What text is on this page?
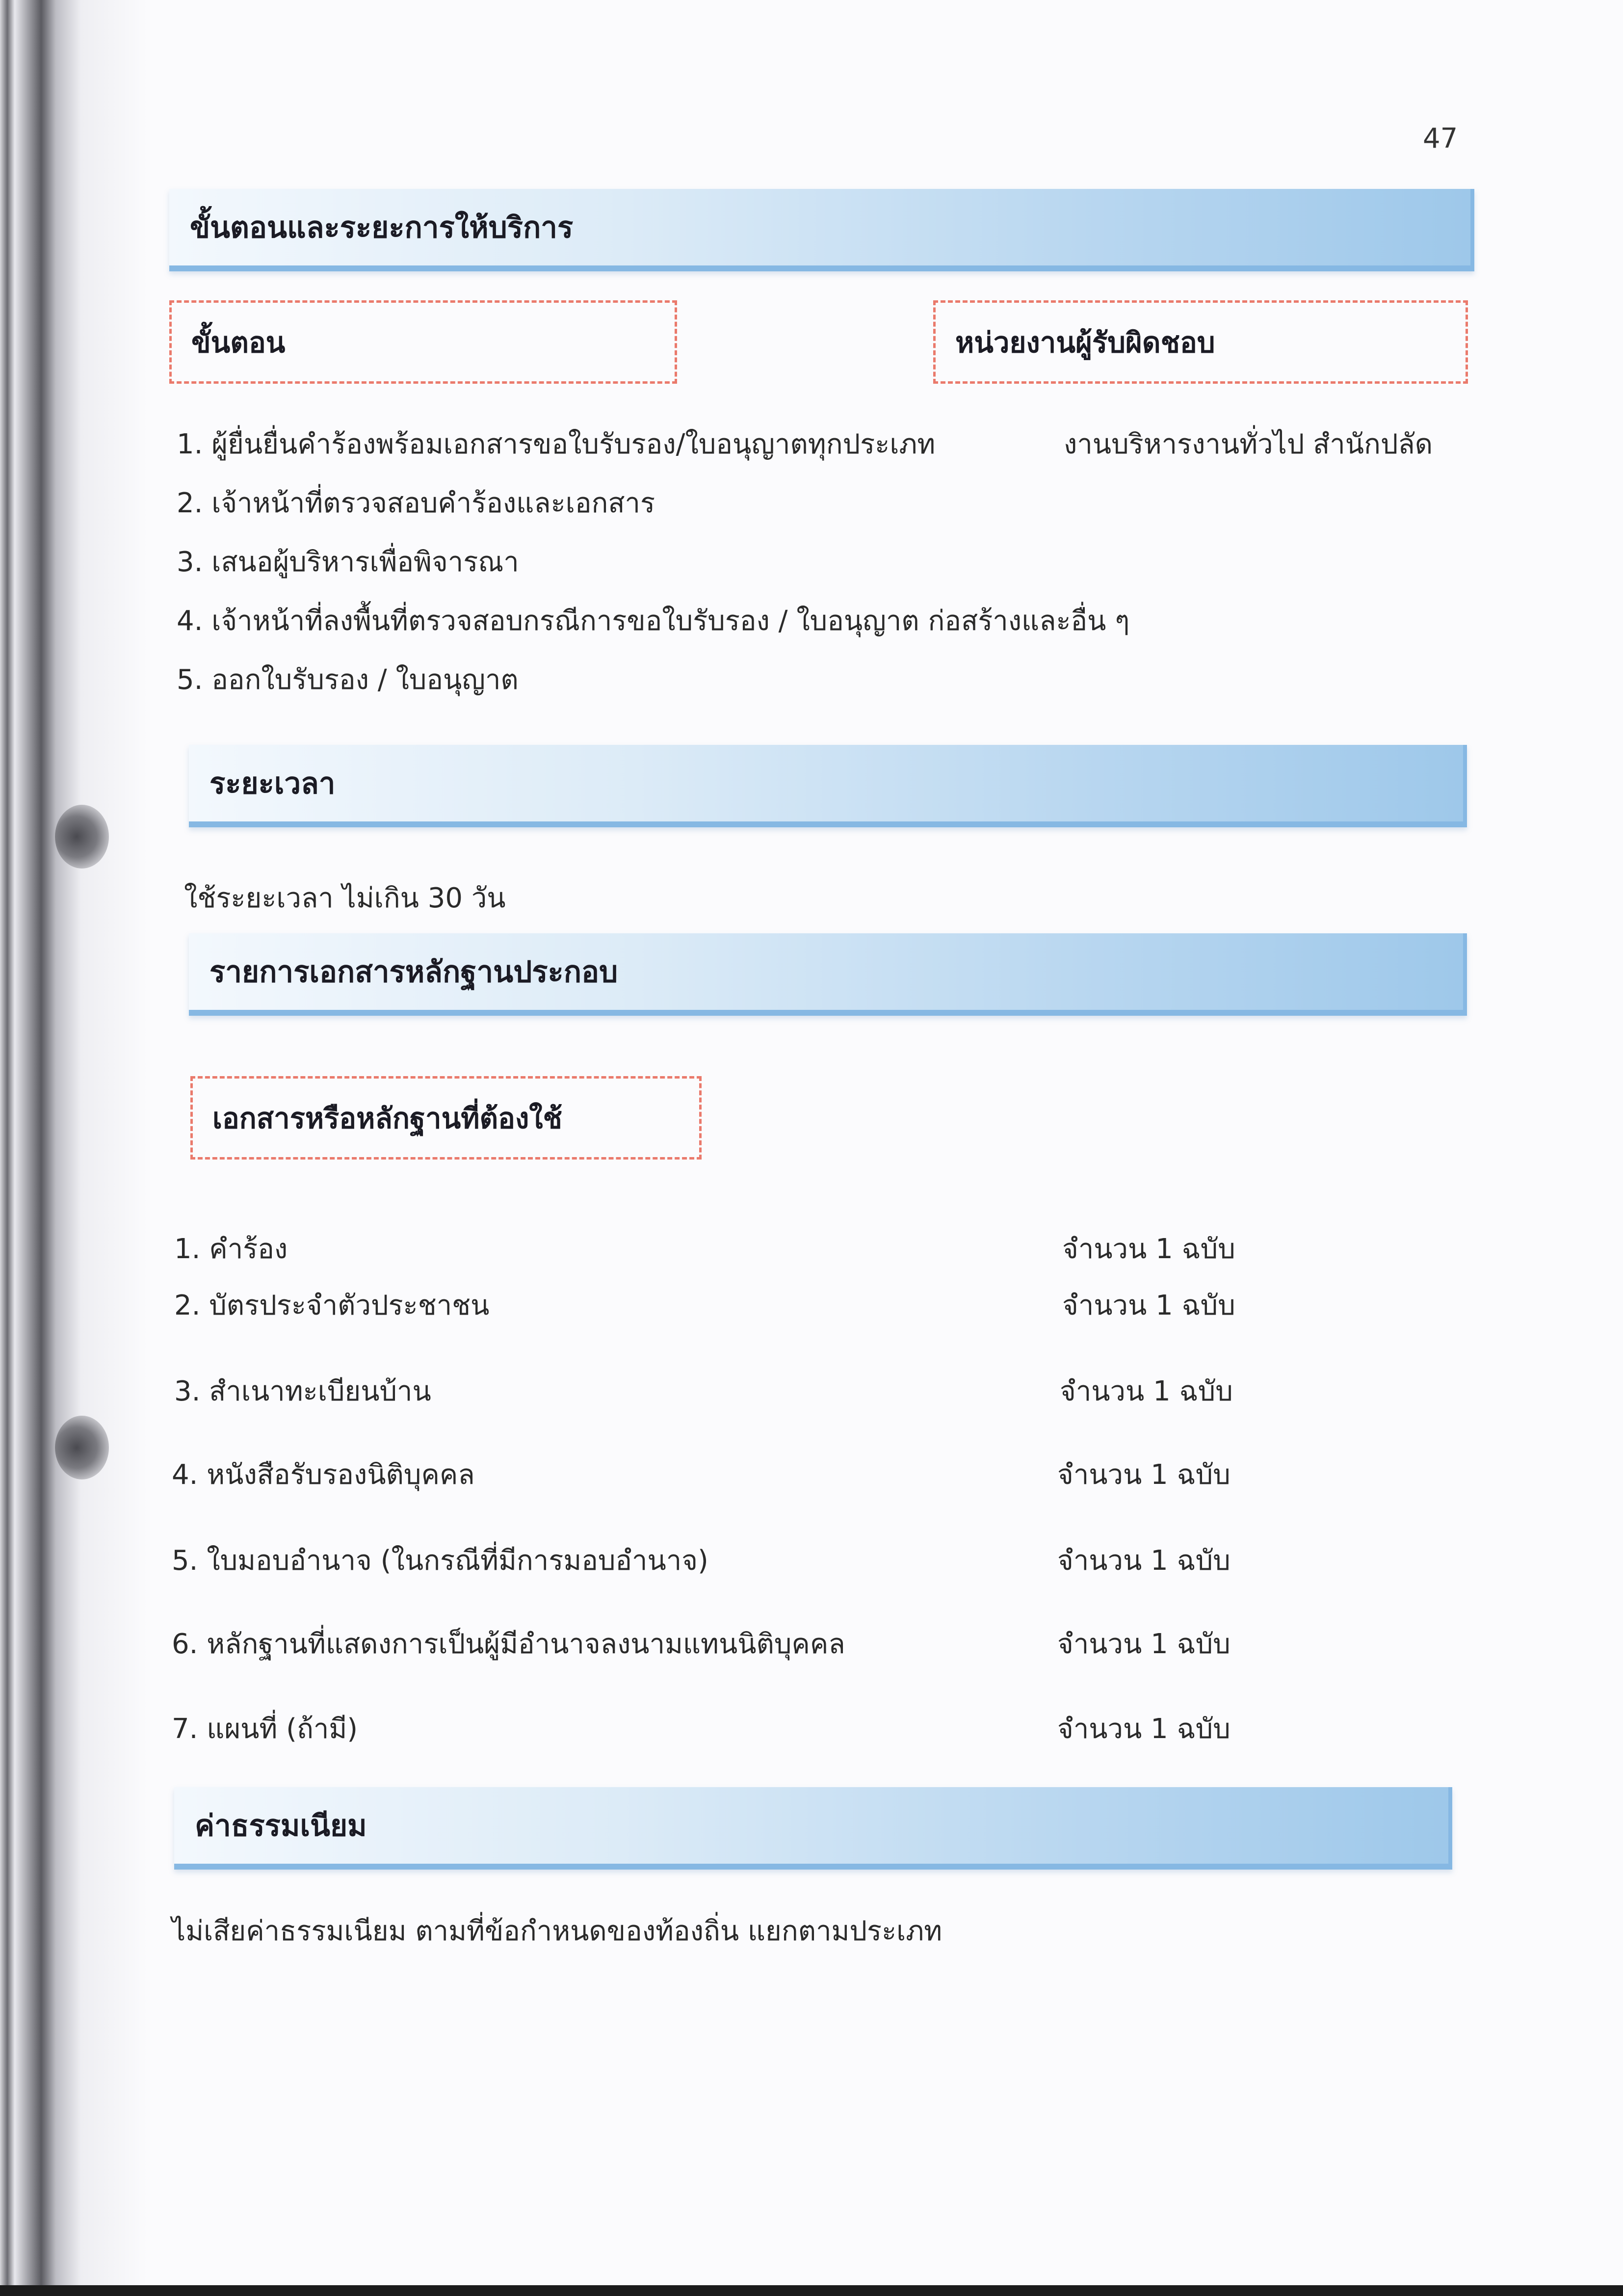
47
ขั้นตอนและระยะการให้บริการ
ขั้นตอน	หน่วยงานผู้รับผิดชอบ
1. ผู้ยื่นยื่นคำร้องพร้อมเอกสารขอใบรับรอง/ใบอนุญาตทุกประเภท	งานบริหารงานทั่วไป สำนักปลัด
2. เจ้าหน้าที่ตรวจสอบคำร้องและเอกสาร
3. เสนอผู้บริหารเพื่อพิจารณา
4. เจ้าหน้าที่ลงพื้นที่ตรวจสอบกรณีการขอใบรับรอง / ใบอนุญาต ก่อสร้างและอื่น ๆ
5. ออกใบรับรอง / ใบอนุญาต
ระยะเวลา
ใช้ระยะเวลา ไม่เกิน 30 วัน
รายการเอกสารหลักฐานประกอบ
เอกสารหรือหลักฐานที่ต้องใช้
1. คำร้อง	จำนวน 1 ฉบับ
2. บัตรประจำตัวประชาชน	จำนวน 1 ฉบับ
3. สำเนาทะเบียนบ้าน	จำนวน 1 ฉบับ
4. หนังสือรับรองนิติบุคคล	จำนวน 1 ฉบับ
5. ใบมอบอำนาจ (ในกรณีที่มีการมอบอำนาจ)	จำนวน 1 ฉบับ
6. หลักฐานที่แสดงการเป็นผู้มีอำนาจลงนามแทนนิติบุคคล	จำนวน 1 ฉบับ
7. แผนที่ (ถ้ามี)	จำนวน 1 ฉบับ
ค่าธรรมเนียม
ไม่เสียค่าธรรมเนียม ตามที่ข้อกำหนดของท้องถิ่น แยกตามประเภท
